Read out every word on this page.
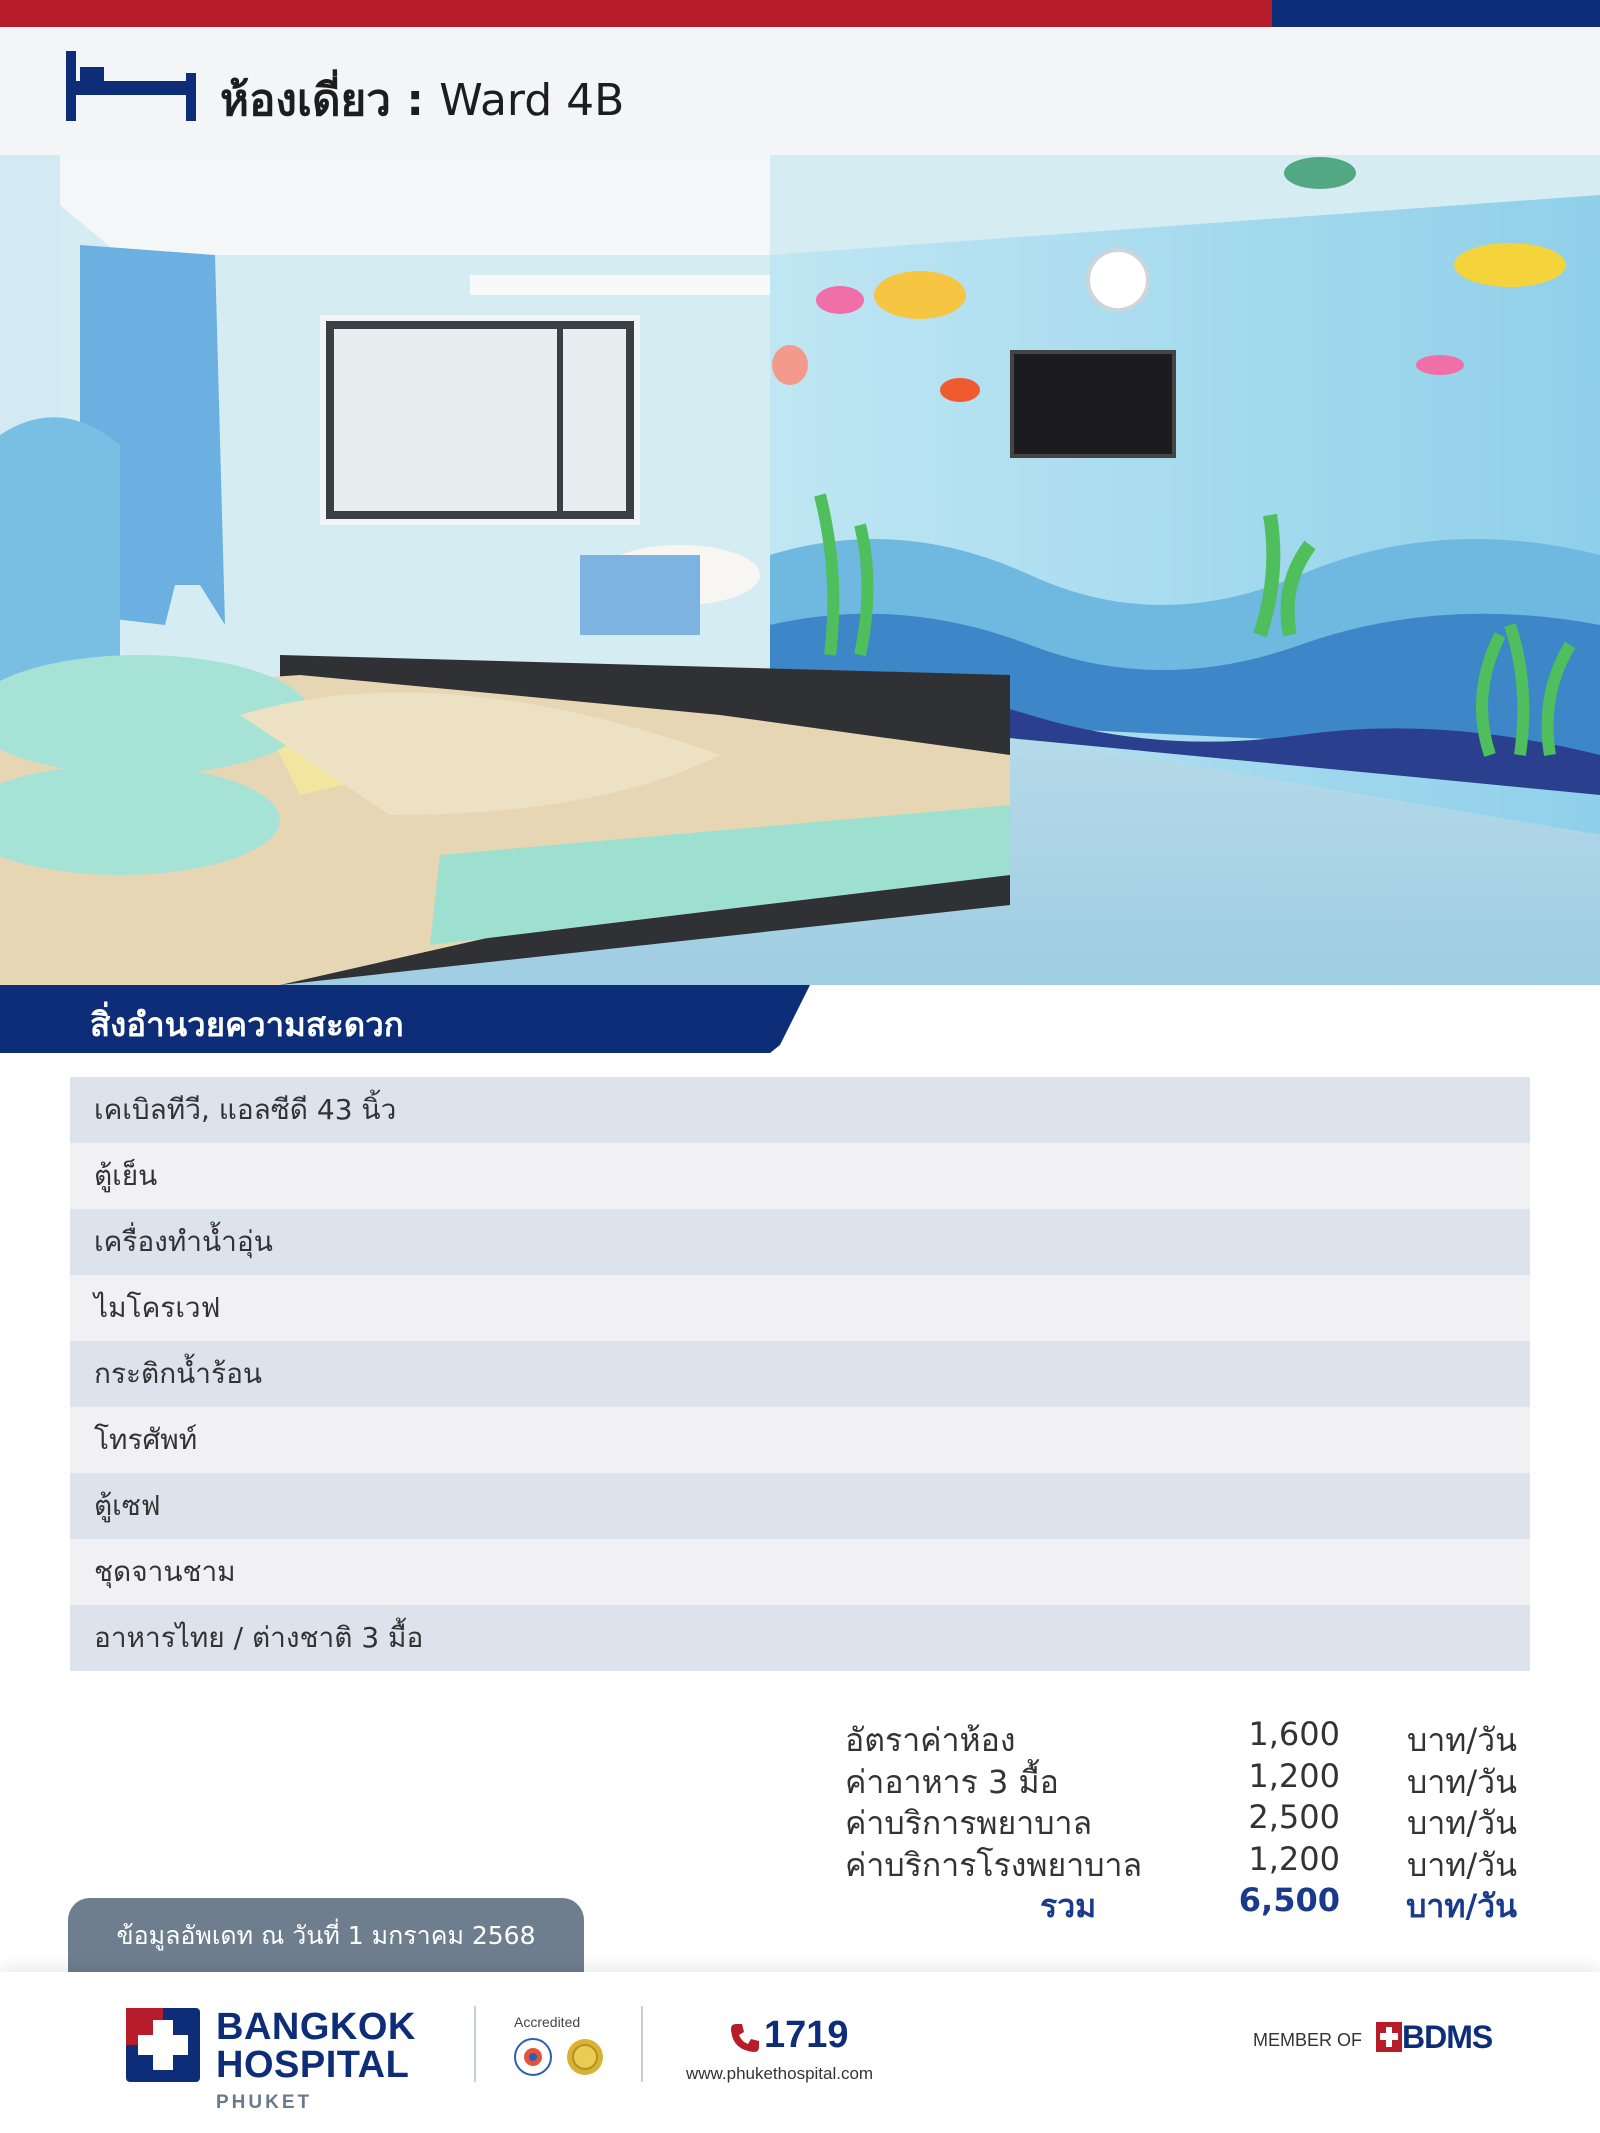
ห้องเดี่ยว : Ward 4B
สิ่งอำนวยความสะดวก
เคเบิลทีวี, แอลซีดี 43 นิ้ว
ตู้เย็น
เครื่องทำน้ำอุ่น
ไมโครเวฟ
กระติกน้ำร้อน
โทรศัพท์
ตู้เซฟ
ชุดจานชาม
อาหารไทย / ต่างชาติ 3 มื้อ
อัตราค่าห้อง	1,600 บาท/วัน
ค่าอาหาร 3 มื้อ	1,200 บาท/วัน
ค่าบริการพยาบาล	2,500 บาท/วัน
ค่าบริการโรงพยาบาล	1,200 บาท/วัน
รวม	6,500 บาท/วัน
ข้อมูลอัพเดท ณ วันที่ 1 มกราคม 2568
BANGKOK
HOSPITAL
PHUKET
Accredited	1719
www.phukethospital.com
MEMBER OF BDMS
